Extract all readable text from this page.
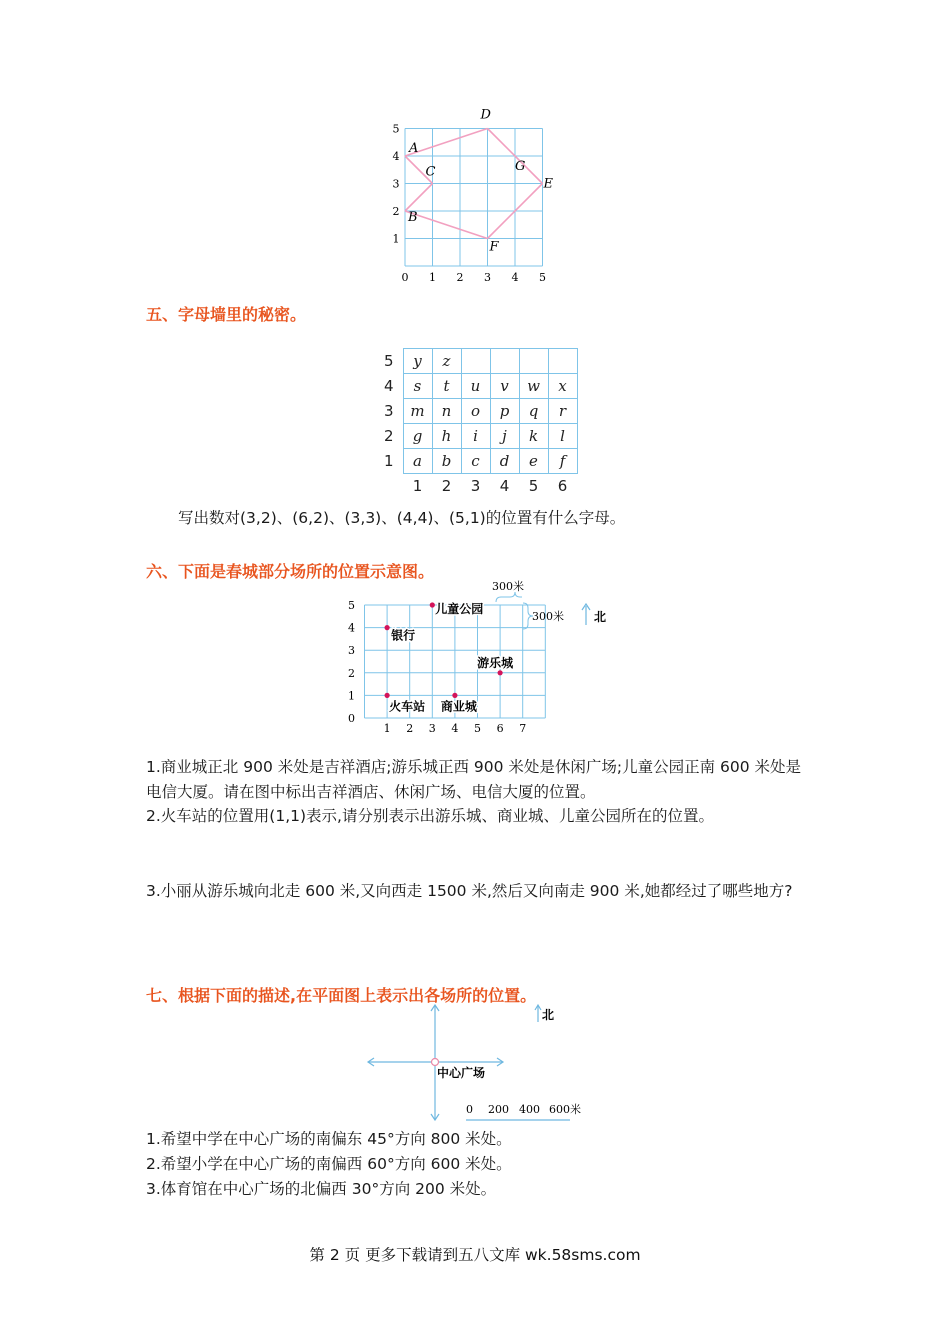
0 1 2 3 4 5
1
2
3
4
5
A
B
C
D
E
F
G
五、字母墙里的秘密。
5	y	z				
4	s	t	u	v	w	x
3	m	n	o	p	q	r
2	g	h	i	j	k	l
1	a	b	c	d	e	f
	1	2	3	4	5	6
写出数对(3,2)、(6,2)、(3,3)、(4,4)、(5,1)的位置有什么字母。
六、下面是春城部分场所的位置示意图。
1 2 3 4 5 6 7
0
1
2
3
4
5	儿童公园
银行
游乐城
火车站 商业城
300米
300米	北
1.商业城正北 900 米处是吉祥酒店;游乐城正西 900 米处是休闲广场;儿童公园正南 600 米处是电信大厦。请在图中标出吉祥酒店、休闲广场、电信大厦的位置。
2.火车站的位置用(1,1)表示,请分别表示出游乐城、商业城、儿童公园所在的位置。
3.小丽从游乐城向北走 600 米,又向西走 1500 米,然后又向南走 900 米,她都经过了哪些地方?
七、根据下面的描述,在平面图上表示出各场所的位置。
中心广场
北
0 200 400 600米
1.希望中学在中心广场的南偏东 45°方向 800 米处。
2.希望小学在中心广场的南偏西 60°方向 600 米处。
3.体育馆在中心广场的北偏西 30°方向 200 米处。
第 2 页 更多下载请到五八文库 wk.58sms.com
